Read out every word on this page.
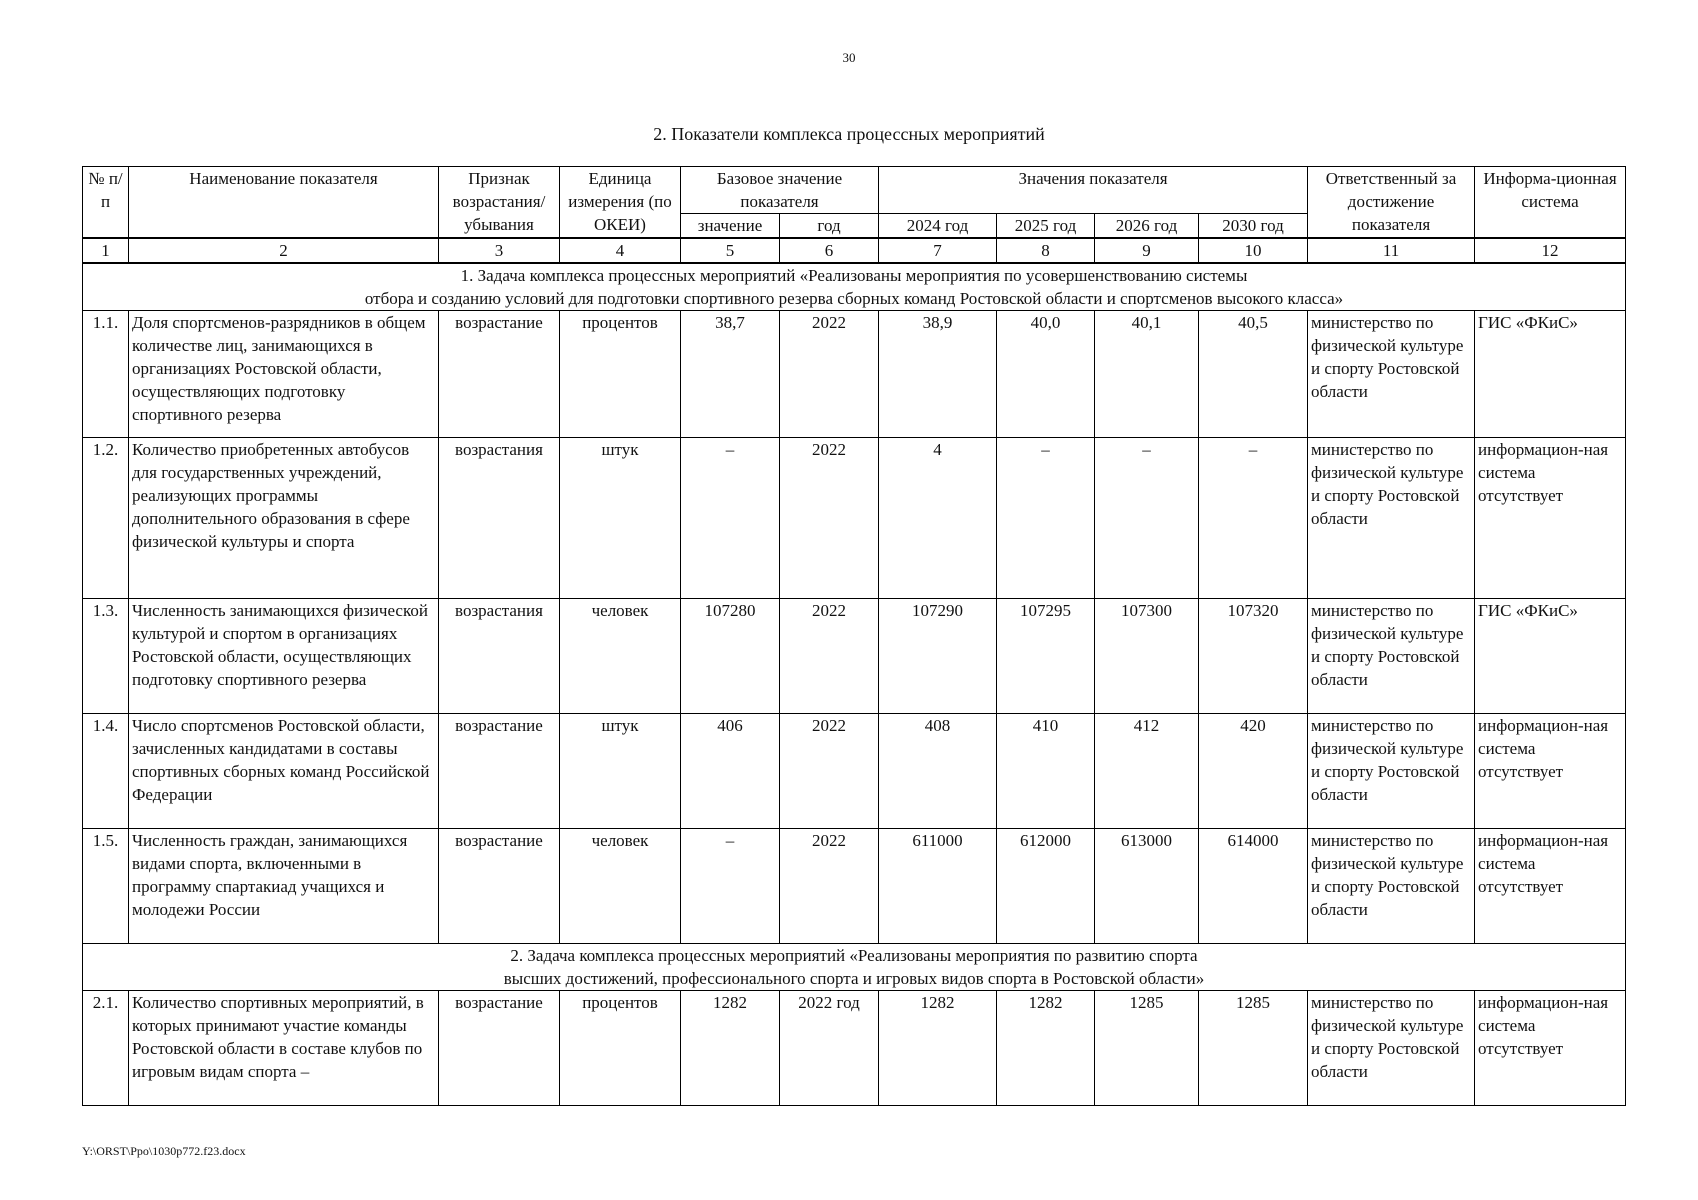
30
2. Показатели комплекса процессных мероприятий
№ п/п	Наименование показателя	Признак возрастания/ убывания	Единица измерения (по ОКЕИ)	Базовое значение показателя		Значения показателя				Ответственный за достижение показателя	Информа-ционная система
				значение	год	2024 год	2025 год	2026 год	2030 год		
1	2	3	4	5	6	7	8	9	10	11	12

1. Задача комплекса процессных мероприятий «Реализованы мероприятия по усовершенствованию системы
отбора и созданию условий для подготовки спортивного резерва сборных команд Ростовской области и спортсменов высокого класса»											

1.1.	Доля спортсменов-разрядников в общем количестве лиц, занимающихся в организациях Ростовской области, осуществляющих подготовку спортивного резерва	возрастание	процентов	38,7	2022	38,9	40,0	40,1	40,5	министерство по физической культуре и спорту Ростовской области	ГИС «ФКиС»
1.2.	Количество приобретенных автобусов для государственных учреждений, реализующих программы дополнительного образования в сфере физической культуры и спорта	возрастания	штук	–	2022	4	–	–	–	министерство по физической культуре и спорту Ростовской области	информацион-ная система отсутствует
1.3.	Численность занимающихся физической культурой и спортом в организациях Ростовской области, осуществляющих подготовку спортивного резерва	возрастания	человек	107280	2022	107290	107295	107300	107320	министерство по физической культуре и спорту Ростовской области	ГИС «ФКиС»
1.4.	Число спортсменов Ростовской области, зачисленных кандидатами в составы спортивных сборных команд Российской Федерации	возрастание	штук	406	2022	408	410	412	420	министерство по физической культуре и спорту Ростовской области	информацион-ная система отсутствует
1.5.	Численность граждан, занимающихся видами спорта, включенными в программу спартакиад учащихся и молодежи России	возрастание	человек	–	2022	611000	612000	613000	614000	министерство по физической культуре и спорту Ростовской области	информацион-ная система отсутствует

2. Задача комплекса процессных мероприятий «Реализованы мероприятия по развитию спорта
высших достижений, профессионального спорта и игровых видов спорта в Ростовской области»											

2.1.	Количество спортивных мероприятий, в которых принимают участие команды Ростовской области в составе клубов по игровым видам спорта –	возрастание	процентов	1282	2022 год	1282	1282	1285	1285	министерство по физической культуре и спорту Ростовской области	информацион-ная система отсутствует
Y:\ORST\Ppo\1030p772.f23.docx
